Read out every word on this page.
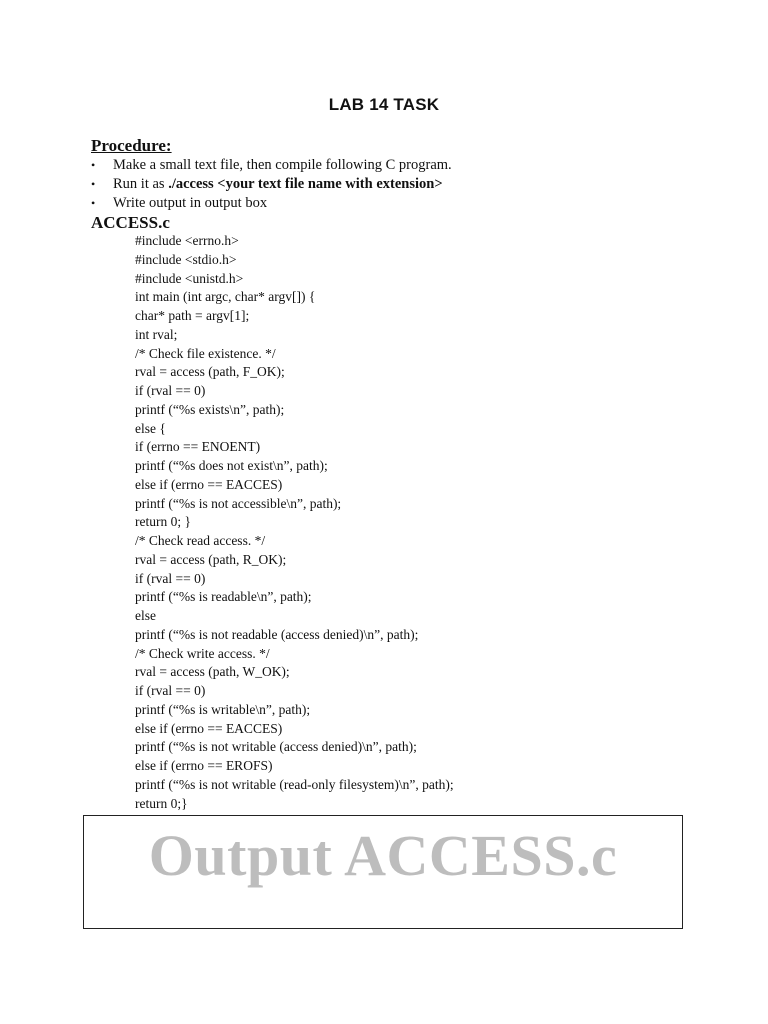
LAB 14 TASK
Procedure:
• Make a small text file, then compile following C program.
• Run it as ./access <your text file name with extension>
• Write output in output box
ACCESS.c
#include <errno.h>
#include <stdio.h>
#include <unistd.h>
int main (int argc, char* argv[]) {
char* path = argv[1];
int rval;
/* Check file existence. */
rval = access (path, F_OK);
if (rval == 0)
printf (“%s exists\n”, path);
else {
if (errno == ENOENT)
printf (“%s does not exist\n”, path);
else if (errno == EACCES)
printf (“%s is not accessible\n”, path);
return 0; }
/* Check read access. */
rval = access (path, R_OK);
if (rval == 0)
printf (“%s is readable\n”, path);
else
printf (“%s is not readable (access denied)\n”, path);
/* Check write access. */
rval = access (path, W_OK);
if (rval == 0)
printf (“%s is writable\n”, path);
else if (errno == EACCES)
printf (“%s is not writable (access denied)\n”, path);
else if (errno == EROFS)
printf (“%s is not writable (read-only filesystem)\n”, path);
return 0;}
Output ACCESS.c
